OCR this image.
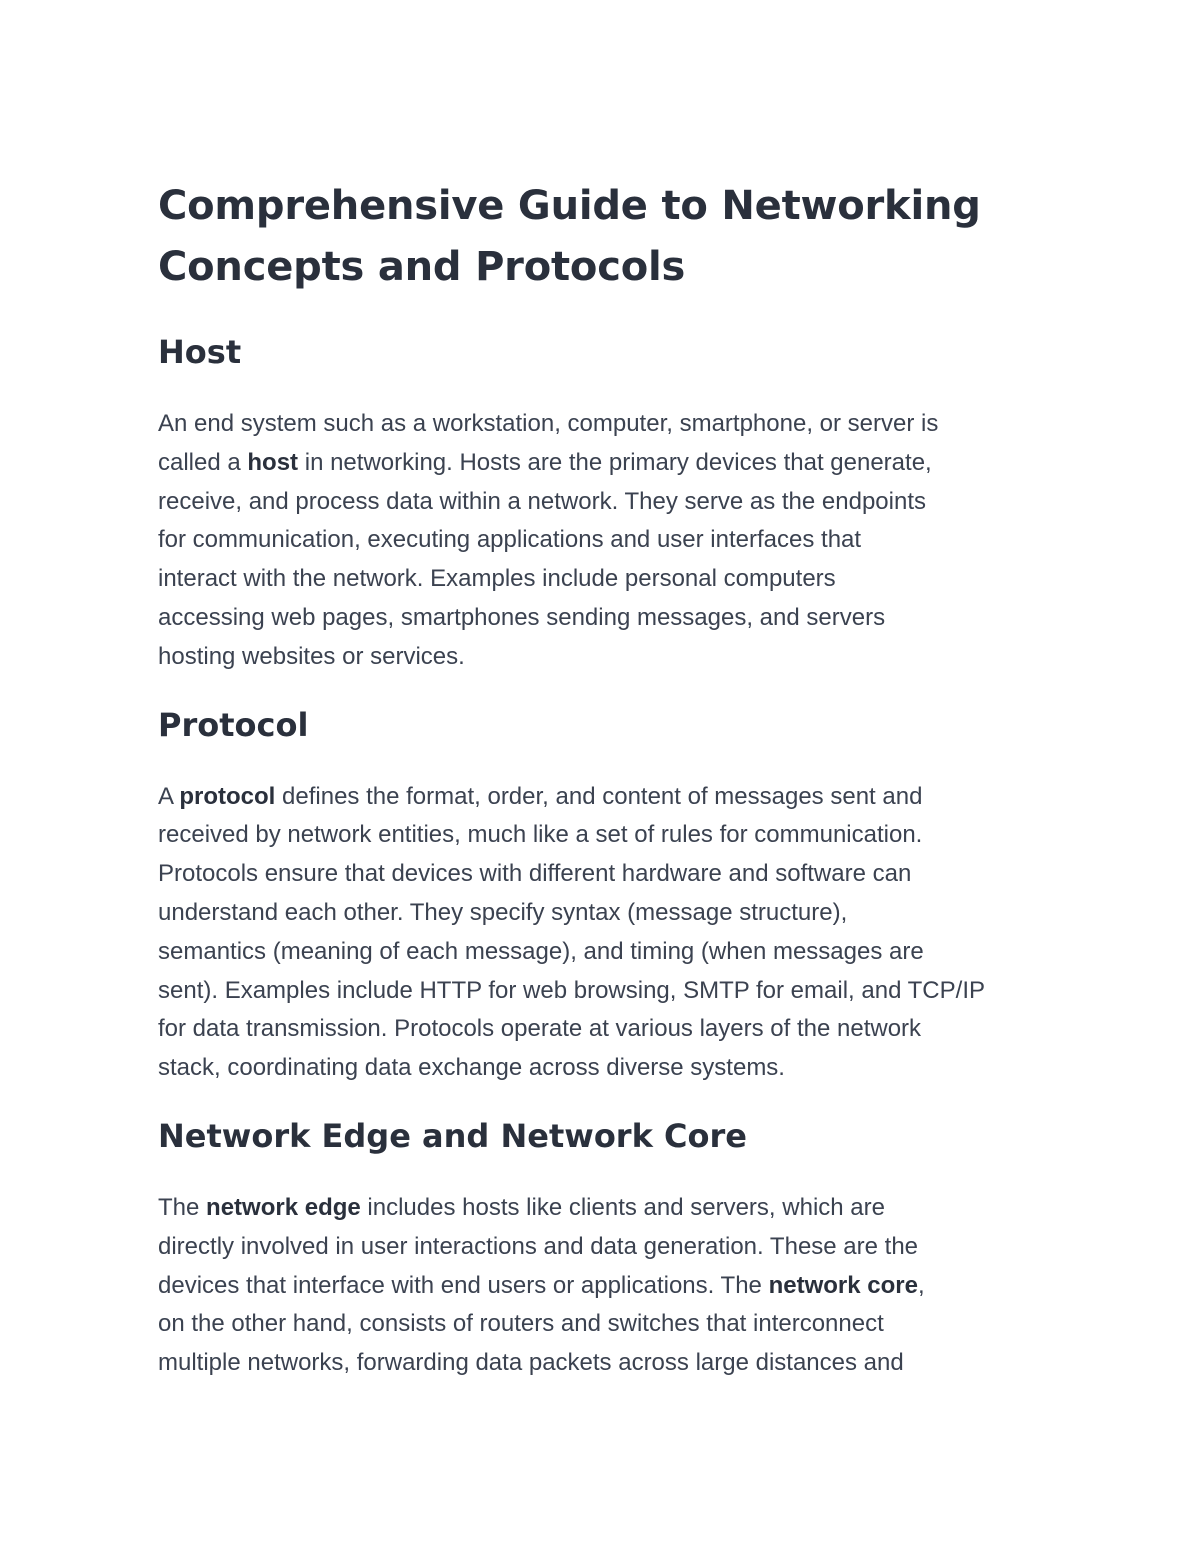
Comprehensive Guide to Networking
Concepts and Protocols
Host

An end system such as a workstation, computer, smartphone, or server is
called a host in networking. Hosts are the primary devices that generate,
receive, and process data within a network. They serve as the endpoints
for communication, executing applications and user interfaces that
interact with the network. Examples include personal computers
accessing web pages, smartphones sending messages, and servers
hosting websites or services.

Protocol

A protocol defines the format, order, and content of messages sent and
received by network entities, much like a set of rules for communication.
Protocols ensure that devices with different hardware and software can
understand each other. They specify syntax (message structure),
semantics (meaning of each message), and timing (when messages are
sent). Examples include HTTP for web browsing, SMTP for email, and TCP/IP
for data transmission. Protocols operate at various layers of the network
stack, coordinating data exchange across diverse systems.

Network Edge and Network Core

The network edge includes hosts like clients and servers, which are
directly involved in user interactions and data generation. These are the
devices that interface with end users or applications. The network core,
on the other hand, consists of routers and switches that interconnect
multiple networks, forwarding data packets across large distances and
